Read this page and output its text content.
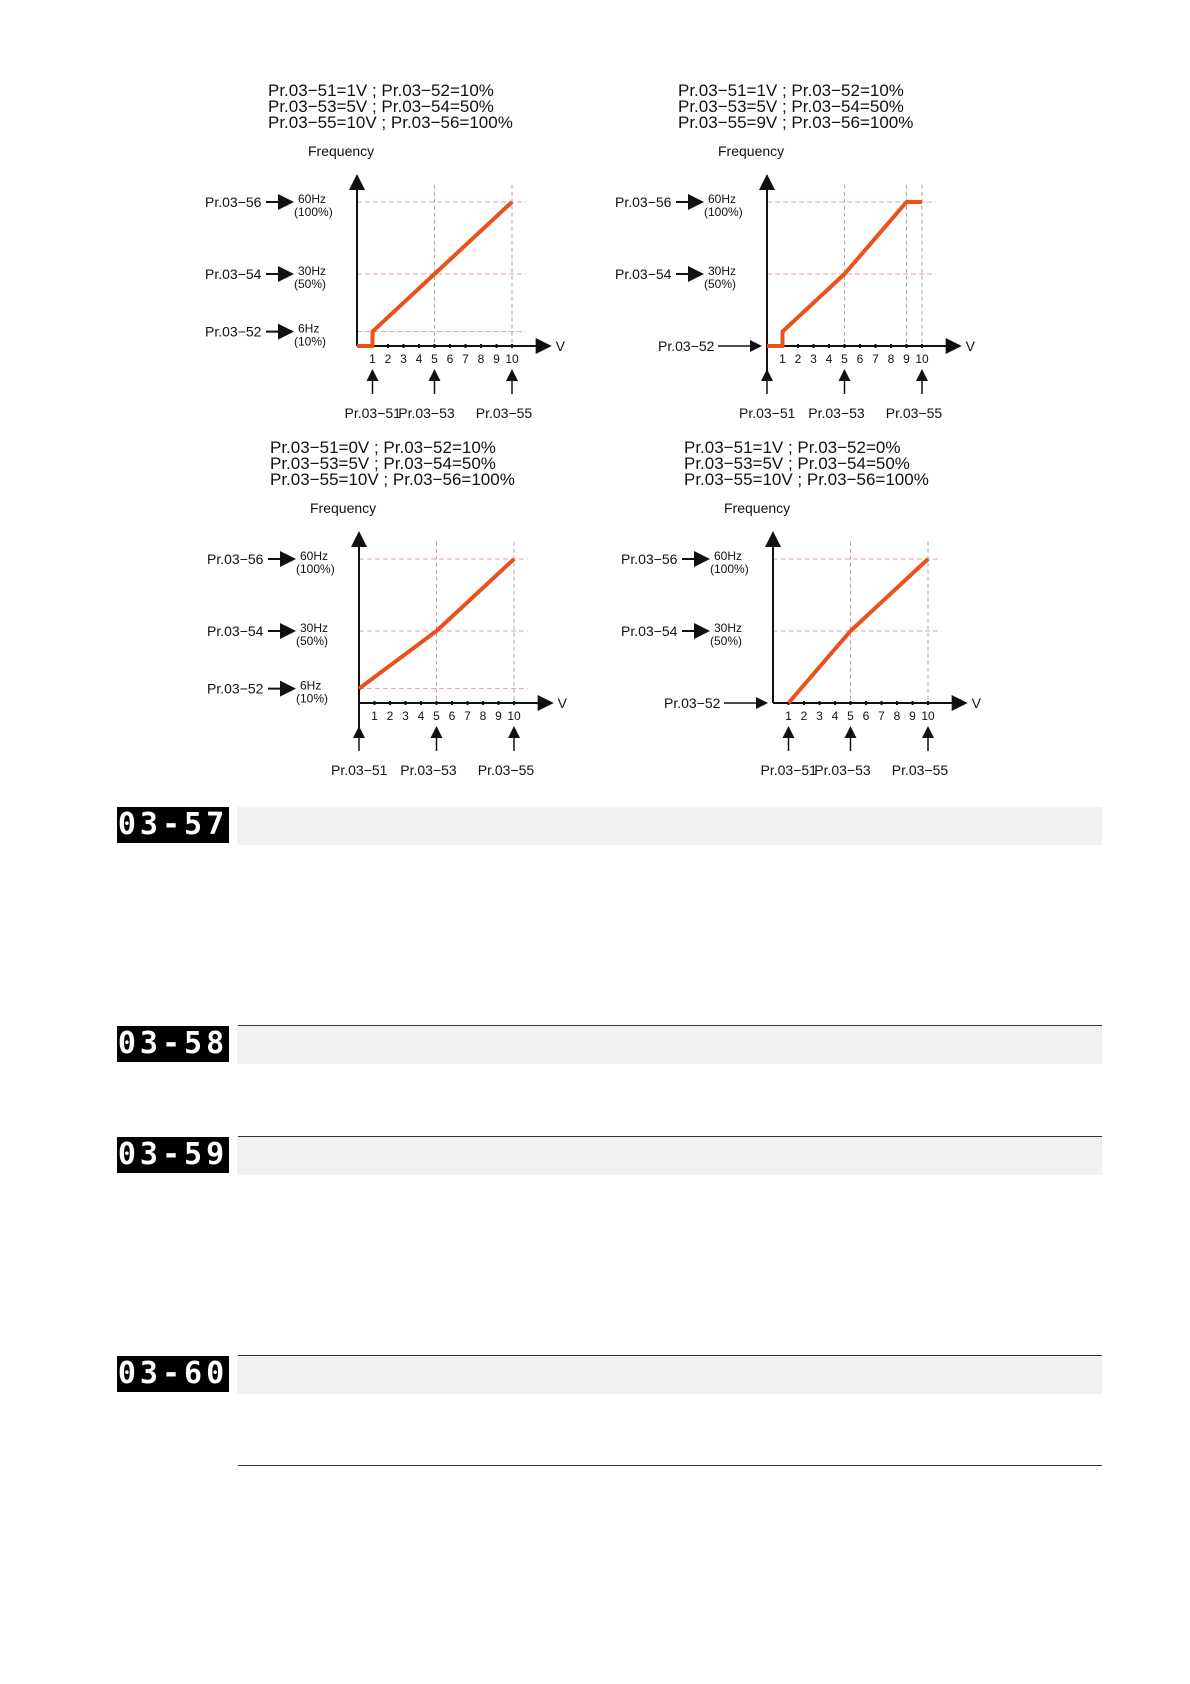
Pr.03−51=1V ; Pr.03−52=10%
Pr.03−53=5V ; Pr.03−54=50%
Pr.03−55=10V ; Pr.03−56=100%
Frequency
V
1 2 3 4 5 6 7 8 9 10
Pr.03−56	60Hz
(100%)
Pr.03−54	30Hz
(50%)
Pr.03−52	6Hz
(10%)
Pr.03−51
Pr.03−53 Pr.03−55
Pr.03−51=1V ; Pr.03−52=10%
Pr.03−53=5V ; Pr.03−54=50%
Pr.03−55=9V ; Pr.03−56=100%
Frequency
V
1 2 3 4 5 6 7 8 9 10
Pr.03−56	60Hz
(100%)
Pr.03−54	30Hz
(50%)
Pr.03−52
Pr.03−51 Pr.03−53 Pr.03−55
Pr.03−51=0V ; Pr.03−52=10%
Pr.03−53=5V ; Pr.03−54=50%
Pr.03−55=10V ; Pr.03−56=100%
Frequency
V
1 2 3 4 5 6 7 8 9 10
Pr.03−56	60Hz
(100%)
Pr.03−54	30Hz
(50%)
Pr.03−52	6Hz
(10%)
Pr.03−51 Pr.03−53 Pr.03−55
Pr.03−51=1V ; Pr.03−52=0%
Pr.03−53=5V ; Pr.03−54=50%
Pr.03−55=10V ; Pr.03−56=100%
Frequency
V
1 2 3 4 5 6 7 8 9 10
Pr.03−56	60Hz
(100%)
Pr.03−54	30Hz
(50%)
Pr.03−52
Pr.03−51
Pr.03−53 Pr.03−55
03-57
03-58
03-59
03-60
